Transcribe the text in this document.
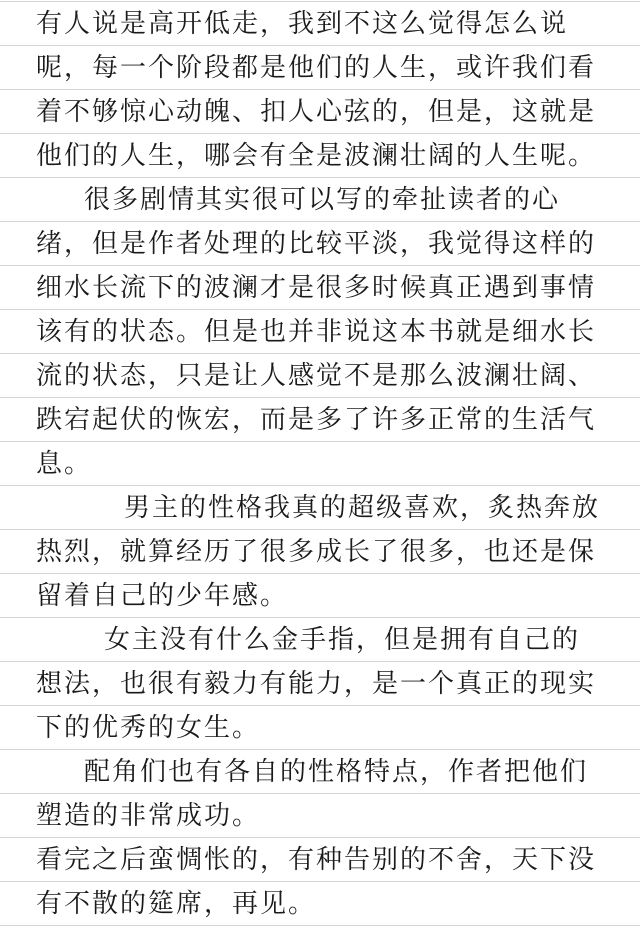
有人说是高开低走，我到不这么觉得怎么说
呢，每一个阶段都是他们的人生，或许我们看
着不够惊心动魄、扣人心弦的，但是，这就是
他们的人生，哪会有全是波澜壮阔的人生呢。
很多剧情其实很可以写的牵扯读者的心
绪，但是作者处理的比较平淡，我觉得这样的
细水长流下的波澜才是很多时候真正遇到事情
该有的状态。但是也并非说这本书就是细水长
流的状态，只是让人感觉不是那么波澜壮阔、
跌宕起伏的恢宏，而是多了许多正常的生活气
息。
男主的性格我真的超级喜欢，炙热奔放
热烈，就算经历了很多成长了很多，也还是保
留着自己的少年感。
女主没有什么金手指，但是拥有自己的
想法，也很有毅力有能力，是一个真正的现实
下的优秀的女生。
配角们也有各自的性格特点，作者把他们
塑造的非常成功。
看完之后蛮惆怅的，有种告别的不舍，天下没
有不散的筵席，再见。
